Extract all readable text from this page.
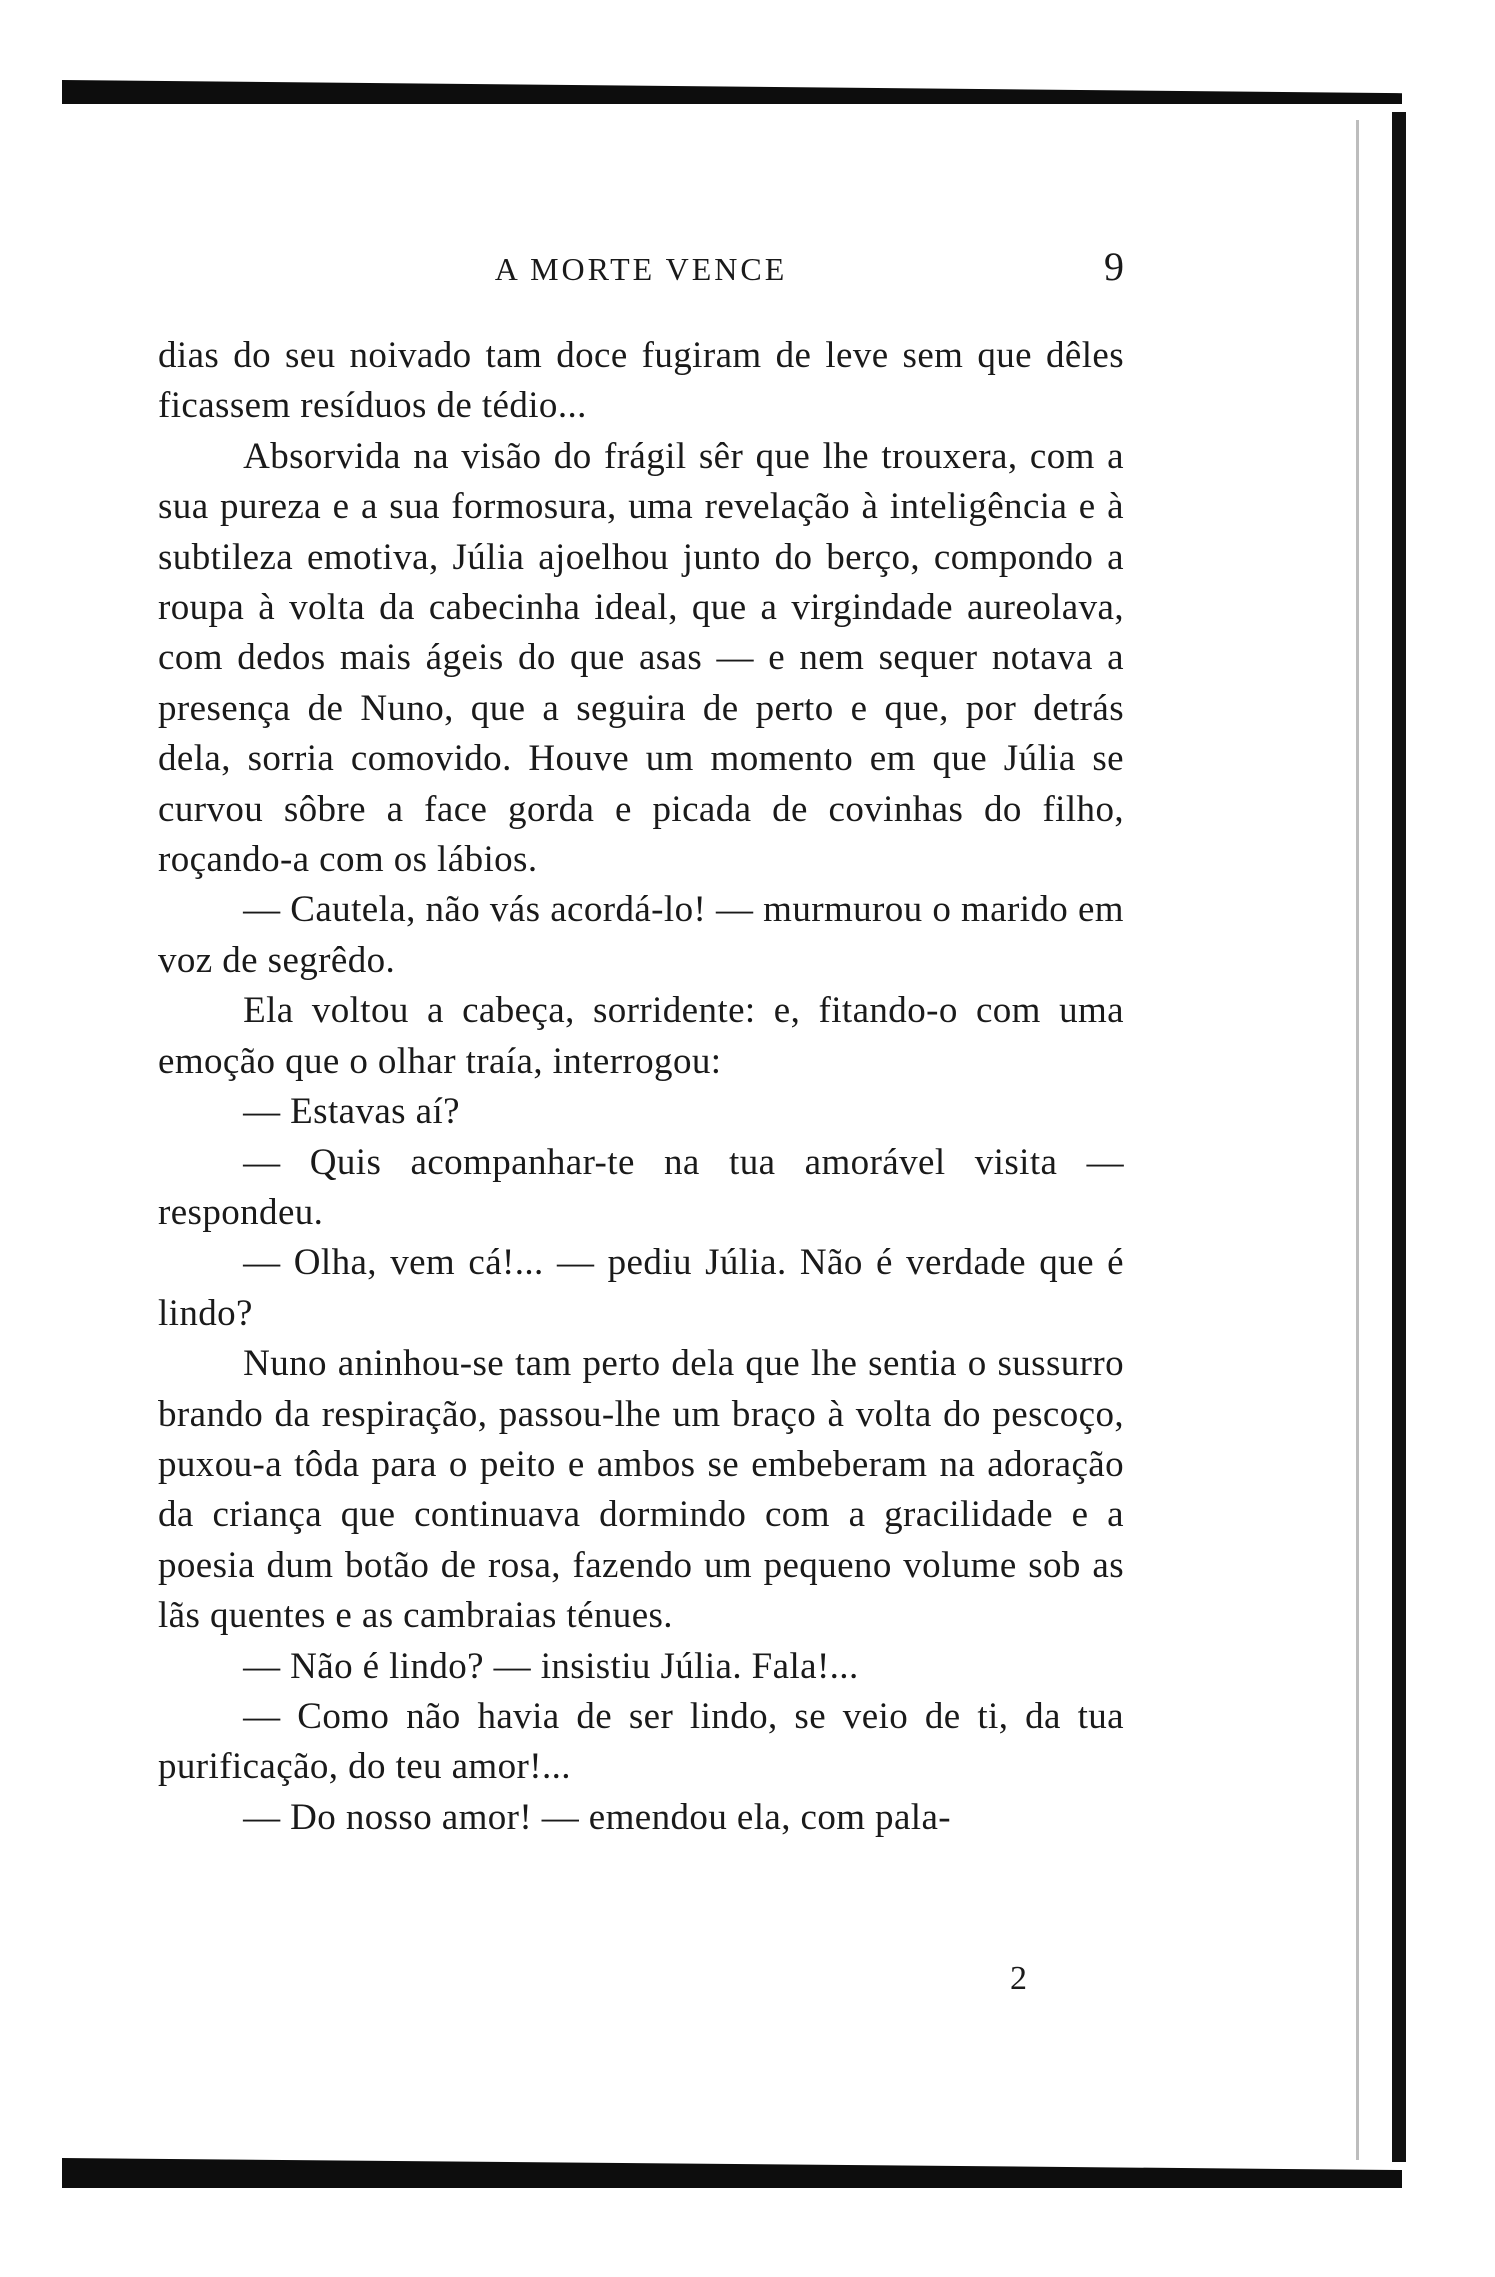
A MORTE VENCE	9

dias do seu noivado tam doce fugiram de leve sem que dêles ficassem resíduos de tédio...

Absorvida na visão do frágil sêr que lhe trouxera, com a sua pureza e a sua formosura, uma revelação à inteligência e à subtileza emotiva, Júlia ajoelhou junto do berço, compondo a roupa à volta da cabecinha ideal, que a virgindade aureolava, com dedos mais ágeis do que asas — e nem sequer notava a presença de Nuno, que a seguira de perto e que, por detrás dela, sorria comovido. Houve um momento em que Júlia se curvou sôbre a face gorda e picada de covinhas do filho, roçando-a com os lábios.

— Cautela, não vás acordá-lo! — murmurou o marido em voz de segrêdo.

Ela voltou a cabeça, sorridente: e, fitando-o com uma emoção que o olhar traía, interrogou:

— Estavas aí?

— Quis acompanhar-te na tua amorável visita — respondeu.

— Olha, vem cá!... — pediu Júlia. Não é verdade que é lindo?

Nuno aninhou-se tam perto dela que lhe sentia o sussurro brando da respiração, passou-lhe um braço à volta do pescoço, puxou-a tôda para o peito e ambos se embeberam na adoração da criança que continuava dormindo com a gracilidade e a poesia dum botão de rosa, fazendo um pequeno volume sob as lãs quentes e as cambraias ténues.

— Não é lindo? — insistiu Júlia. Fala!...

— Como não havia de ser lindo, se veio de ti, da tua purificação, do teu amor!...

— Do nosso amor! — emendou ela, com pala-

2
